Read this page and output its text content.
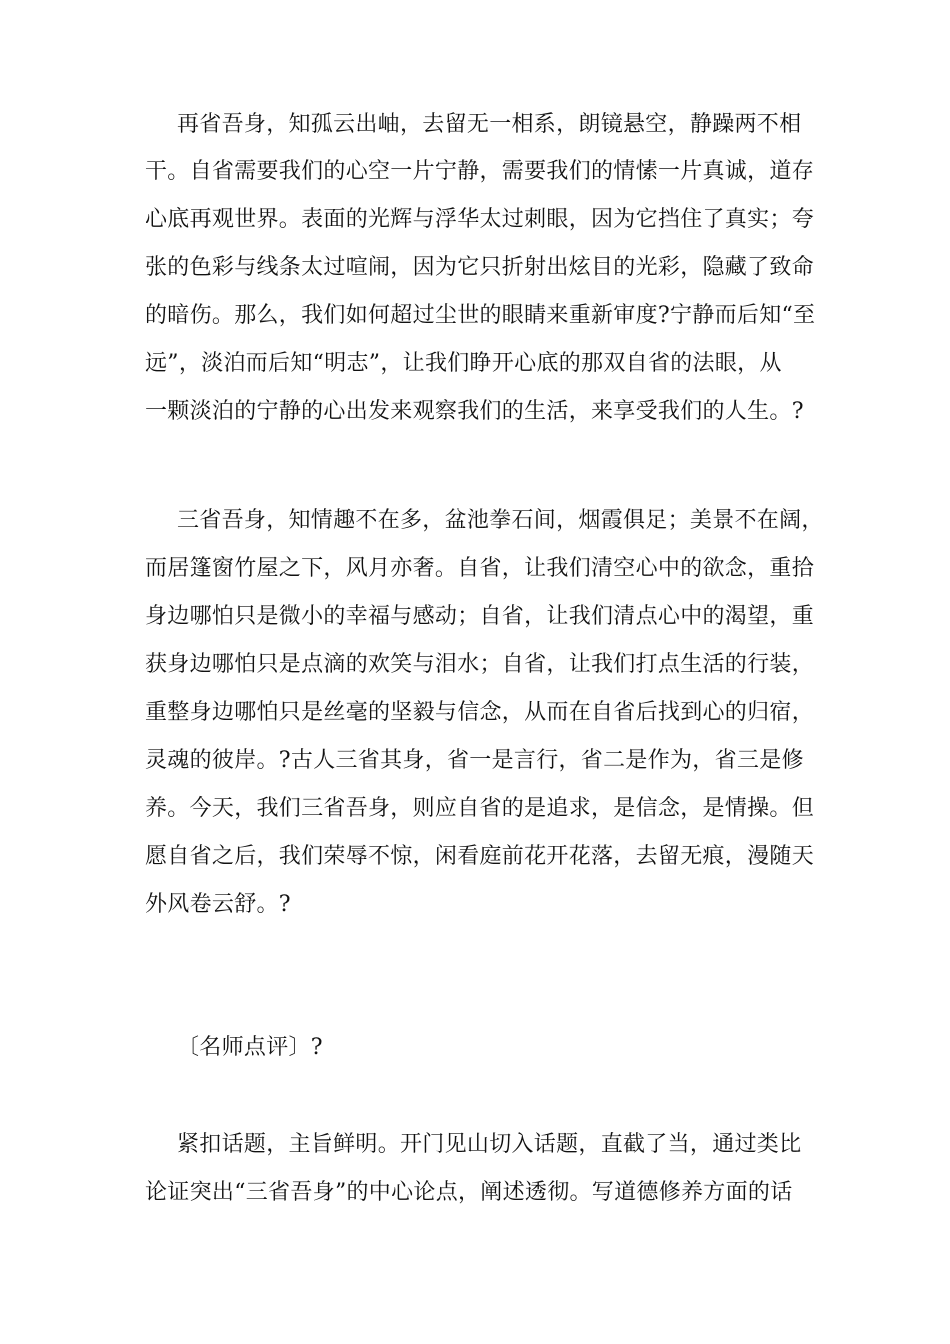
再省吾身，知孤云出岫，去留无一相系，朗镜悬空，静躁两不相
干。自省需要我们的心空一片宁静，需要我们的情愫一片真诚，道存
心底再观世界。表面的光辉与浮华太过刺眼，因为它挡住了真实；夸
张的色彩与线条太过喧闹，因为它只折射出炫目的光彩，隐藏了致命
的暗伤。那么，我们如何超过尘世的眼睛来重新审度?宁静而后知“至
远”，淡泊而后知“明志”，让我们睁开心底的那双自省的法眼，从
一颗淡泊的宁静的心出发来观察我们的生活，来享受我们的人生。?
三省吾身，知情趣不在多，盆池拳石间，烟霞俱足；美景不在阔，
而居篷窗竹屋之下，风月亦奢。自省，让我们清空心中的欲念，重拾
身边哪怕只是微小的幸福与感动；自省，让我们清点心中的渴望，重
获身边哪怕只是点滴的欢笑与泪水；自省，让我们打点生活的行装，
重整身边哪怕只是丝毫的坚毅与信念，从而在自省后找到心的归宿，
灵魂的彼岸。?古人三省其身，省一是言行，省二是作为，省三是修
养。今天，我们三省吾身，则应自省的是追求，是信念，是情操。但
愿自省之后，我们荣辱不惊，闲看庭前花开花落，去留无痕，漫随天
外风卷云舒。?
〔名师点评〕?
紧扣话题，主旨鲜明。开门见山切入话题，直截了当，通过类比
论证突出“三省吾身”的中心论点，阐述透彻。写道德修养方面的话
